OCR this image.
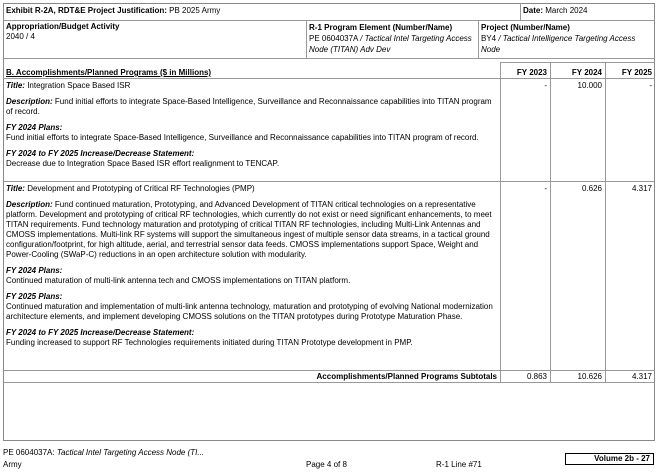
Exhibit R-2A, RDT&E Project Justification: PB 2025 Army	Date: March 2024
Appropriation/Budget Activity
2040 / 4
R-1 Program Element (Number/Name)
PE 0604037A / Tactical Intel Targeting Access Node (TITAN) Adv Dev
Project (Number/Name)
BY4 / Tactical Intelligence Targeting Access Node
B. Accomplishments/Planned Programs ($ in Millions)	FY 2023	FY 2024	FY 2025

Title: Integration Space Based ISR

Description: Fund initial efforts to integrate Space-Based Intelligence, Surveillance and Reconnaissance capabilities into TITAN program of record.

FY 2024 Plans:
Fund initial efforts to integrate Space-Based Intelligence, Surveillance and Reconnaissance capabilities into TITAN program of record.

FY 2024 to FY 2025 Increase/Decrease Statement:
Decrease due to Integration Space Based ISR effort realignment to TENCAP.

-	10.000	-

Title: Development and Prototyping of Critical RF Technologies (PMP)

Description: Fund continued maturation, Prototyping, and Advanced Development of TITAN critical technologies on a representative platform. Development and prototyping of critical RF technologies, which currently do not exist or need significant enhancements, to meet TITAN requirements. Fund technology maturation and prototyping of critical TITAN RF technologies, including Multi-Link Antennas and CMOSS implementations. Multi-link RF systems will support the simultaneous ingest of multiple sensor data streams, in a tactical ground configuration/footprint, for high altitude, aerial, and terrestrial sensor data feeds. CMOSS implementations support Space, Weight and Power-Cooling (SWaP-C) reductions in an open architecture solution with modularity.

FY 2024 Plans:
Continued maturation of multi-link antenna tech and CMOSS implementations on TITAN platform.

FY 2025 Plans:
Continued maturation and implementation of multi-link antenna technology, maturation and prototyping of evolving National modernization architecture elements, and implement developing CMOSS solutions on the TITAN prototypes during Prototype Maturation Phase.

FY 2024 to FY 2025 Increase/Decrease Statement:
Funding increased to support RF Technologies requirements initiated during TITAN Prototype development in PMP.

-	0.626	4.317
Accomplishments/Planned Programs Subtotals	0.863	10.626	4.317
PE 0604037A: Tactical Intel Targeting Access Node (TI...
Army	Page 4 of 8	R-1 Line #71
Volume 2b - 27
